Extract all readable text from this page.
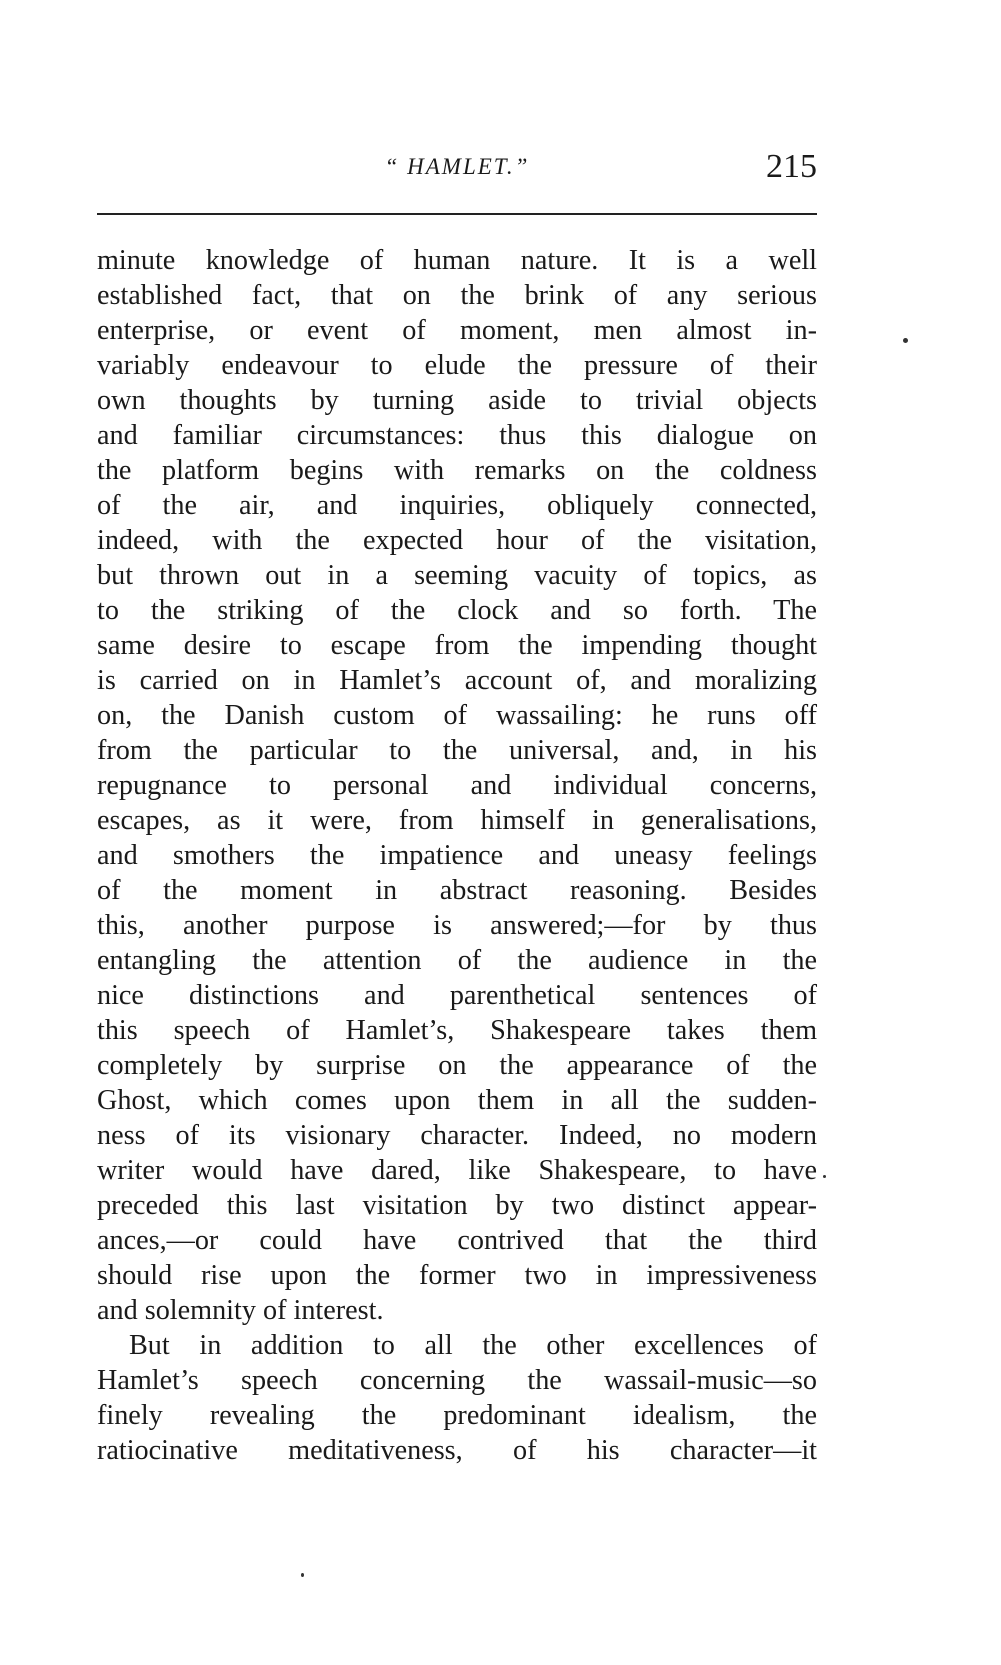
“ HAMLET.”	215
minute knowledge of human nature. It is a well
established fact, that on the brink of any serious
enterprise, or event of moment, men almost in-
variably endeavour to elude the pressure of their
own thoughts by turning aside to trivial objects
and familiar circumstances: thus this dialogue on
the platform begins with remarks on the coldness
of the air, and inquiries, obliquely connected,
indeed, with the expected hour of the visitation,
but thrown out in a seeming vacuity of topics, as
to the striking of the clock and so forth. The
same desire to escape from the impending thought
is carried on in Hamlet’s account of, and moralizing
on, the Danish custom of wassailing: he runs off
from the particular to the universal, and, in his
repugnance to personal and individual concerns,
escapes, as it were, from himself in generalisations,
and smothers the impatience and uneasy feelings
of the moment in abstract reasoning. Besides
this, another purpose is answered;—for by thus
entangling the attention of the audience in the
nice distinctions and parenthetical sentences of
this speech of Hamlet’s, Shakespeare takes them
completely by surprise on the appearance of the
Ghost, which comes upon them in all the sudden-
ness of its visionary character. Indeed, no modern
writer would have dared, like Shakespeare, to have
preceded this last visitation by two distinct appear-
ances,—or could have contrived that the third
should rise upon the former two in impressiveness
and solemnity of interest.
But in addition to all the other excellences of
Hamlet’s speech concerning the wassail-music—so
finely revealing the predominant idealism, the
ratiocinative meditativeness, of his character—it
